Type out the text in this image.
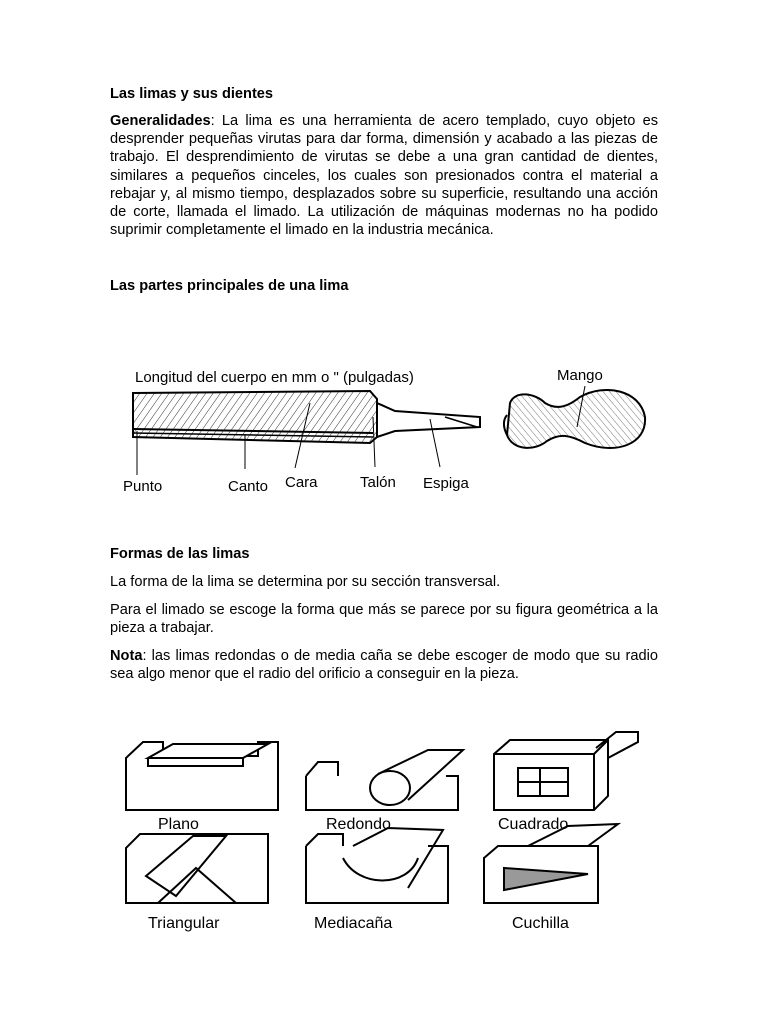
Las limas y sus dientes

Generalidades: La lima es una herramienta de acero templado, cuyo objeto es desprender pequeñas virutas para dar forma, dimensión y acabado a las piezas de trabajo. El desprendimiento de virutas se debe a una gran cantidad de dientes, similares a pequeños cinceles, los cuales son presionados contra el material a rebajar y, al mismo tiempo, desplazados sobre su superficie, resultando una acción de corte, llamada el limado. La utilización de máquinas modernas no ha podido suprimir completamente el limado en la industria mecánica.

Las partes principales de una lima

Longitud del cuerpo en mm o " (pulgadas)	Mango
Punto	Canto Cara	Talón Espiga

Formas de las limas

La forma de la lima se determina por su sección transversal.

Para el limado se escoge la forma que más se parece por su figura geométrica a la pieza a trabajar.

Nota: las limas redondas o de media caña se debe escoger de modo que su radio sea algo menor que el radio del orificio a conseguir en la pieza.

Plano	Redondo	Cuadrado
Triangular	Mediacaña	Cuchilla
